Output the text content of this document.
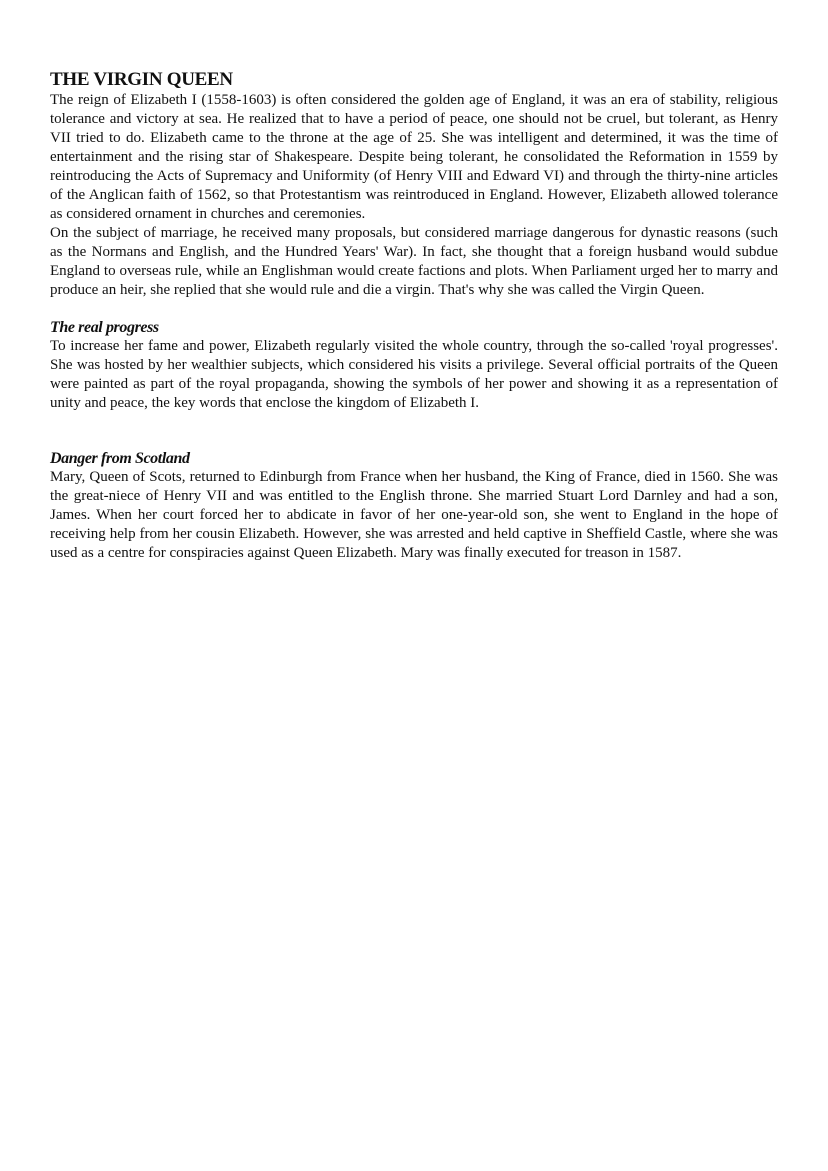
THE VIRGIN QUEEN

The reign of Elizabeth I (1558-1603) is often considered the golden age of England, it was an era of stability, religious tolerance and victory at sea. He realized that to have a period of peace, one should not be cruel, but tolerant, as Henry VII tried to do. Elizabeth came to the throne at the age of 25. She was intelligent and determined, it was the time of entertainment and the rising star of Shakespeare. Despite being tolerant, he consolidated the Reformation in 1559 by reintroducing the Acts of Supremacy and Uniformity (of Henry VIII and Edward VI) and through the thirty-nine articles of the Anglican faith of 1562, so that Protestantism was reintroduced in England. However, Elizabeth allowed tolerance as considered ornament in churches and ceremonies.

On the subject of marriage, he received many proposals, but considered marriage dangerous for dynastic reasons (such as the Normans and English, and the Hundred Years' War). In fact, she thought that a foreign husband would subdue England to overseas rule, while an Englishman would create factions and plots. When Parliament urged her to marry and produce an heir, she replied that she would rule and die a virgin. That's why she was called the Virgin Queen.

The real progress

To increase her fame and power, Elizabeth regularly visited the whole country, through the so-called 'royal progresses'. She was hosted by her wealthier subjects, which considered his visits a privilege. Several official portraits of the Queen were painted as part of the royal propaganda, showing the symbols of her power and showing it as a representation of unity and peace, the key words that enclose the kingdom of Elizabeth I.

Danger from Scotland

Mary, Queen of Scots, returned to Edinburgh from France when her husband, the King of France, died in 1560. She was the great-niece of Henry VII and was entitled to the English throne. She married Stuart Lord Darnley and had a son, James. When her court forced her to abdicate in favor of her one-year-old son, she went to England in the hope of receiving help from her cousin Elizabeth. However, she was arrested and held captive in Sheffield Castle, where she was used as a centre for conspiracies against Queen Elizabeth. Mary was finally executed for treason in 1587.
